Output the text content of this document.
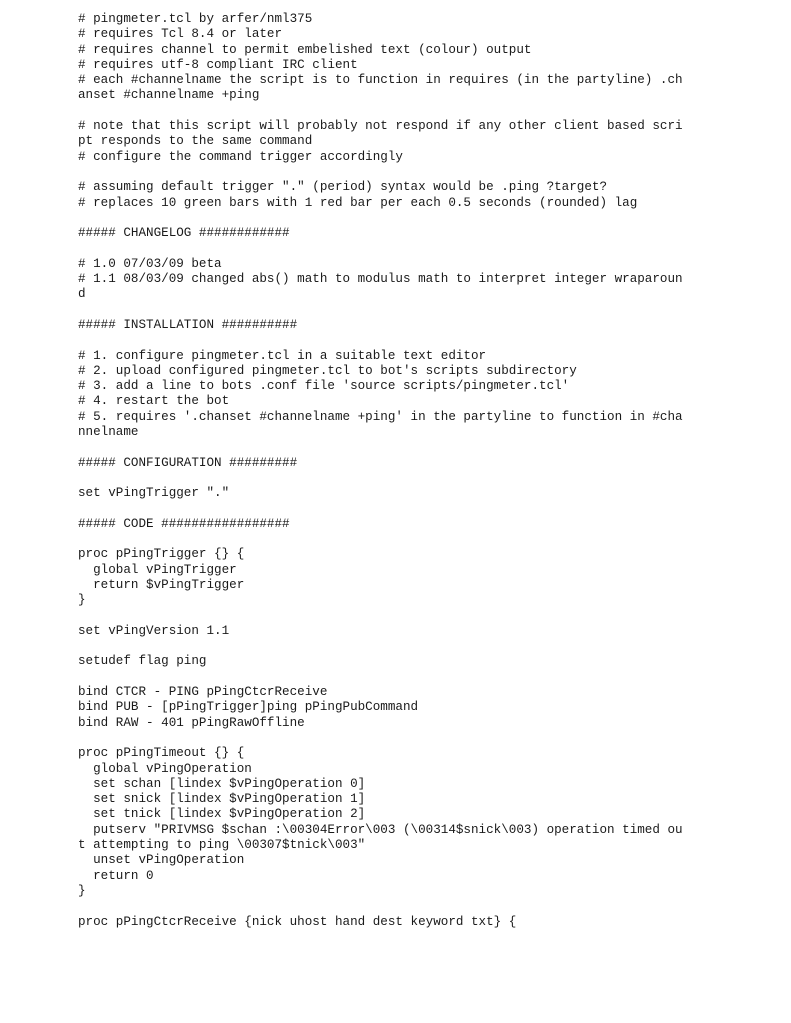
# pingmeter.tcl by arfer/nml375
# requires Tcl 8.4 or later
# requires channel to permit embelished text (colour) output
# requires utf-8 compliant IRC client
# each #channelname the script is to function in requires (in the partyline) .ch
anset #channelname +ping
# note that this script will probably not respond if any other client based scri
pt responds to the same command
# configure the command trigger accordingly
# assuming default trigger "." (period) syntax would be .ping ?target?
# replaces 10 green bars with 1 red bar per each 0.5 seconds (rounded) lag
##### CHANGELOG ############
# 1.0 07/03/09 beta
# 1.1 08/03/09 changed abs() math to modulus math to interpret integer wraparoun
d
##### INSTALLATION ##########
# 1. configure pingmeter.tcl in a suitable text editor
# 2. upload configured pingmeter.tcl to bot's scripts subdirectory
# 3. add a line to bots .conf file 'source scripts/pingmeter.tcl'
# 4. restart the bot
# 5. requires '.chanset #channelname +ping' in the partyline to function in #cha
nnelname
##### CONFIGURATION #########
set vPingTrigger "."
##### CODE #################
proc pPingTrigger {} {
global vPingTrigger
return $vPingTrigger
}
set vPingVersion 1.1
setudef flag ping
bind CTCR - PING pPingCtcrReceive
bind PUB - [pPingTrigger]ping pPingPubCommand
bind RAW - 401 pPingRawOffline
proc pPingTimeout {} {
global vPingOperation
set schan [lindex $vPingOperation 0]
set snick [lindex $vPingOperation 1]
set tnick [lindex $vPingOperation 2]
putserv "PRIVMSG $schan :\00304Error\003 (\00314$snick\003) operation timed ou
t attempting to ping \00307$tnick\003"
unset vPingOperation
return 0
}
proc pPingCtcrReceive {nick uhost hand dest keyword txt} {
